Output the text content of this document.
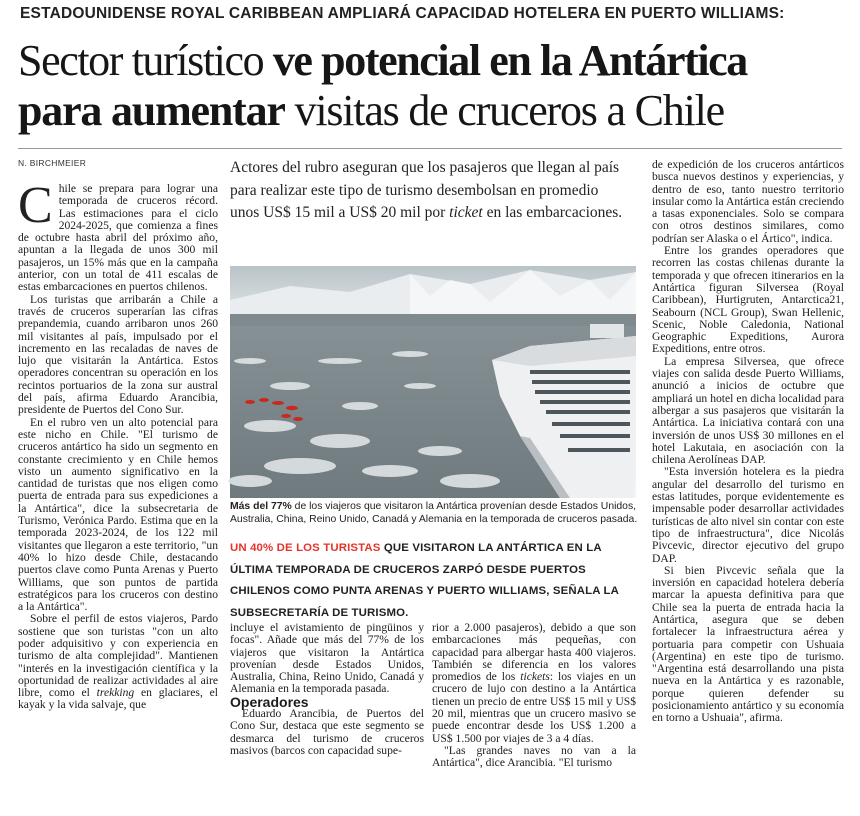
ESTADOUNIDENSE ROYAL CARIBBEAN AMPLIARÁ CAPACIDAD HOTELERA EN PUERTO WILLIAMS:
Sector turístico ve potencial en la Antártica
para aumentar visitas de cruceros a Chile
N. BIRCHMEIER

Chile se prepara para lograr una temporada de cruceros récord. Las estimaciones para el ciclo 2024-2025, que comienza a fines de octubre hasta abril del próximo año, apuntan a la llegada de unos 300 mil pasajeros, un 15% más que en la campaña anterior, con un total de 411 escalas de estas embarcaciones en puertos chilenos.

Los turistas que arribarán a Chile a través de cruceros superarían las cifras prepandemia, cuando arribaron unos 260 mil visitantes al país, impulsado por el incremento en las recaladas de naves de lujo que visitarán la Antártica. Estos operadores concentran su operación en los recintos portuarios de la zona sur austral del país, afirma Eduardo Arancibia, presidente de Puertos del Cono Sur.

En el rubro ven un alto potencial para este nicho en Chile. "El turismo de cruceros antártico ha sido un segmento en constante crecimiento y en Chile hemos visto un aumento significativo en la cantidad de turistas que nos eligen como puerta de entrada para sus expediciones a la Antártica", dice la subsecretaria de Turismo, Verónica Pardo. Estima que en la temporada 2023-2024, de los 122 mil visitantes que llegaron a este territorio, "un 40% lo hizo desde Chile, destacando puertos clave como Punta Arenas y Puerto Williams, que son puntos de partida estratégicos para los cruceros con destino a la Antártica".

Sobre el perfil de estos viajeros, Pardo sostiene que son turistas "con un alto poder adquisitivo y con experiencia en turismo de alta complejidad". Mantienen "interés en la investigación científica y la oportunidad de realizar actividades al aire libre, como el trekking en glaciares, el kayak y la vida salvaje, que

Actores del rubro aseguran que los pasajeros que llegan al país para realizar este tipo de turismo desembolsan en promedio unos US$ 15 mil a US$ 20 mil por ticket en las embarcaciones.
SILVERSEA
Más del 77% de los viajeros que visitaron la Antártica provenían desde Estados Unidos, Australia, China, Reino Unido, Canadá y Alemania en la temporada de cruceros pasada.
UN 40% DE LOS TURISTAS QUE VISITARON LA ANTÁRTICA EN LA ÚLTIMA TEMPORADA DE CRUCEROS ZARPÓ DESDE PUERTOS CHILENOS COMO PUNTA ARENAS Y PUERTO WILLIAMS, SEÑALA LA SUBSECRETARÍA DE TURISMO.

incluye el avistamiento de pingüinos y focas". Añade que más del 77% de los viajeros que visitaron la Antártica provenían desde Estados Unidos, Australia, China, Reino Unido, Canadá y Alemania en la temporada pasada.

Operadores

Eduardo Arancibia, de Puertos del Cono Sur, destaca que este segmento se desmarca del turismo de cruceros masivos (barcos con capacidad supe-

rior a 2.000 pasajeros), debido a que son embarcaciones más pequeñas, con capacidad para albergar hasta 400 viajeros. También se diferencia en los valores promedios de los tickets: los viajes en un crucero de lujo con destino a la Antártica tienen un precio de entre US$ 15 mil y US$ 20 mil, mientras que un crucero masivo se puede encontrar desde los US$ 1.200 a US$ 1.500 por viajes de 3 a 4 días.

"Las grandes naves no van a la Antártica", dice Arancibia. "El turismo

de expedición de los cruceros antárticos busca nuevos destinos y experiencias, y dentro de eso, tanto nuestro territorio insular como la Antártica están creciendo a tasas exponenciales. Solo se compara con otros destinos similares, como podrían ser Alaska o el Ártico", indica.

Entre los grandes operadores que recorren las costas chilenas durante la temporada y que ofrecen itinerarios en la Antártica figuran Silversea (Royal Caribbean), Hurtigruten, Antarctica21, Seabourn (NCL Group), Swan Hellenic, Scenic, Noble Caledonia, National Geographic Expeditions, Aurora Expeditions, entre otros.

La empresa Silversea, que ofrece viajes con salida desde Puerto Williams, anunció a inicios de octubre que ampliará un hotel en dicha localidad para albergar a sus pasajeros que visitarán la Antártica. La iniciativa contará con una inversión de unos US$ 30 millones en el hotel Lakutaia, en asociación con la chilena Aerolíneas DAP.

"Esta inversión hotelera es la piedra angular del desarrollo del turismo en estas latitudes, porque evidentemente es impensable poder desarrollar actividades turísticas de alto nivel sin contar con este tipo de infraestructura", dice Nicolás Pivcevic, director ejecutivo del grupo DAP.

Si bien Pivcevic señala que la inversión en capacidad hotelera debería marcar la apuesta definitiva para que Chile sea la puerta de entrada hacia la Antártica, asegura que se deben fortalecer la infraestructura aérea y portuaria para competir con Ushuaia (Argentina) en este tipo de turismo. "Argentina está desarrollando una pista nueva en la Antártica y es razonable, porque quieren defender su posicionamiento antártico y su economía en torno a Ushuaia", afirma.
